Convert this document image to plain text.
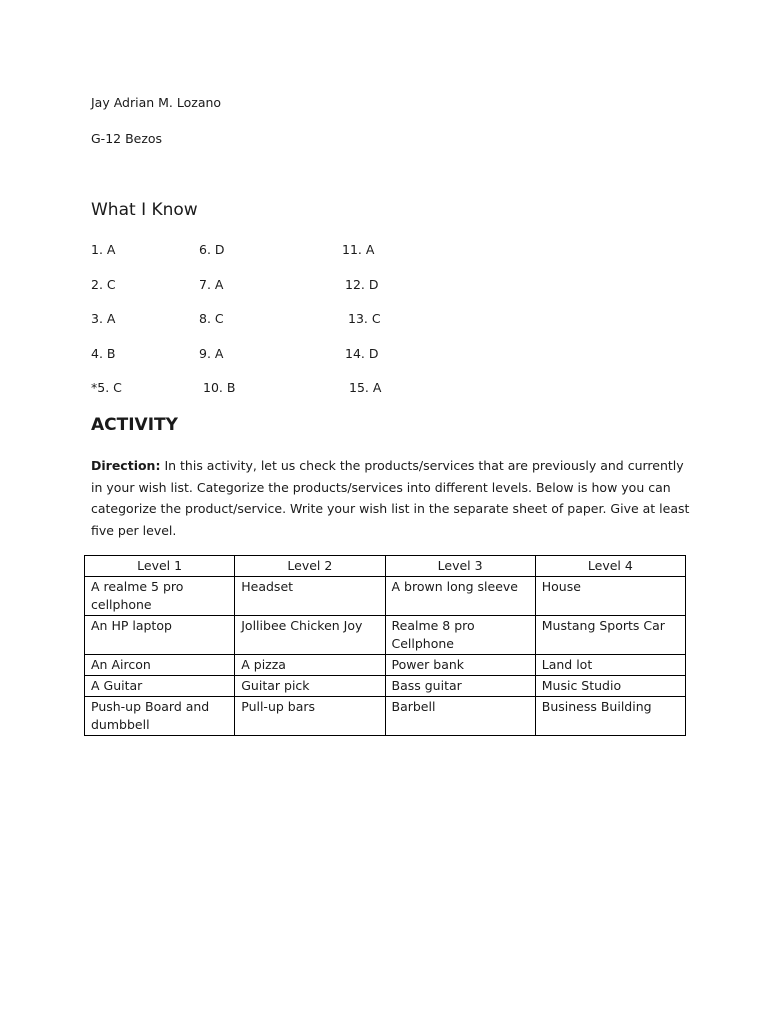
Jay Adrian M. Lozano
G-12 Bezos
What I Know
1. A
2. C
3. A
4. B
*5. C
6. D
7. A
8. C
9. A
10. B
11. A
12. D
13. C
14. D
15. A
ACTIVITY
Direction: In this activity, let us check the products/services that are previously and currently in your wish list. Categorize the products/services into different levels. Below is how you can categorize the product/service. Write your wish list in the separate sheet of paper. Give at least five per level.
Level 1	Level 2	Level 3	Level 4
A realme 5 pro cellphone	Headset	A brown long sleeve	House
An HP laptop	Jollibee Chicken Joy	Realme 8 pro Cellphone	Mustang Sports Car
An Aircon	A pizza	Power bank	Land lot
A Guitar	Guitar pick	Bass guitar	Music Studio
Push-up Board and dumbbell	Pull-up bars	Barbell	Business Building
